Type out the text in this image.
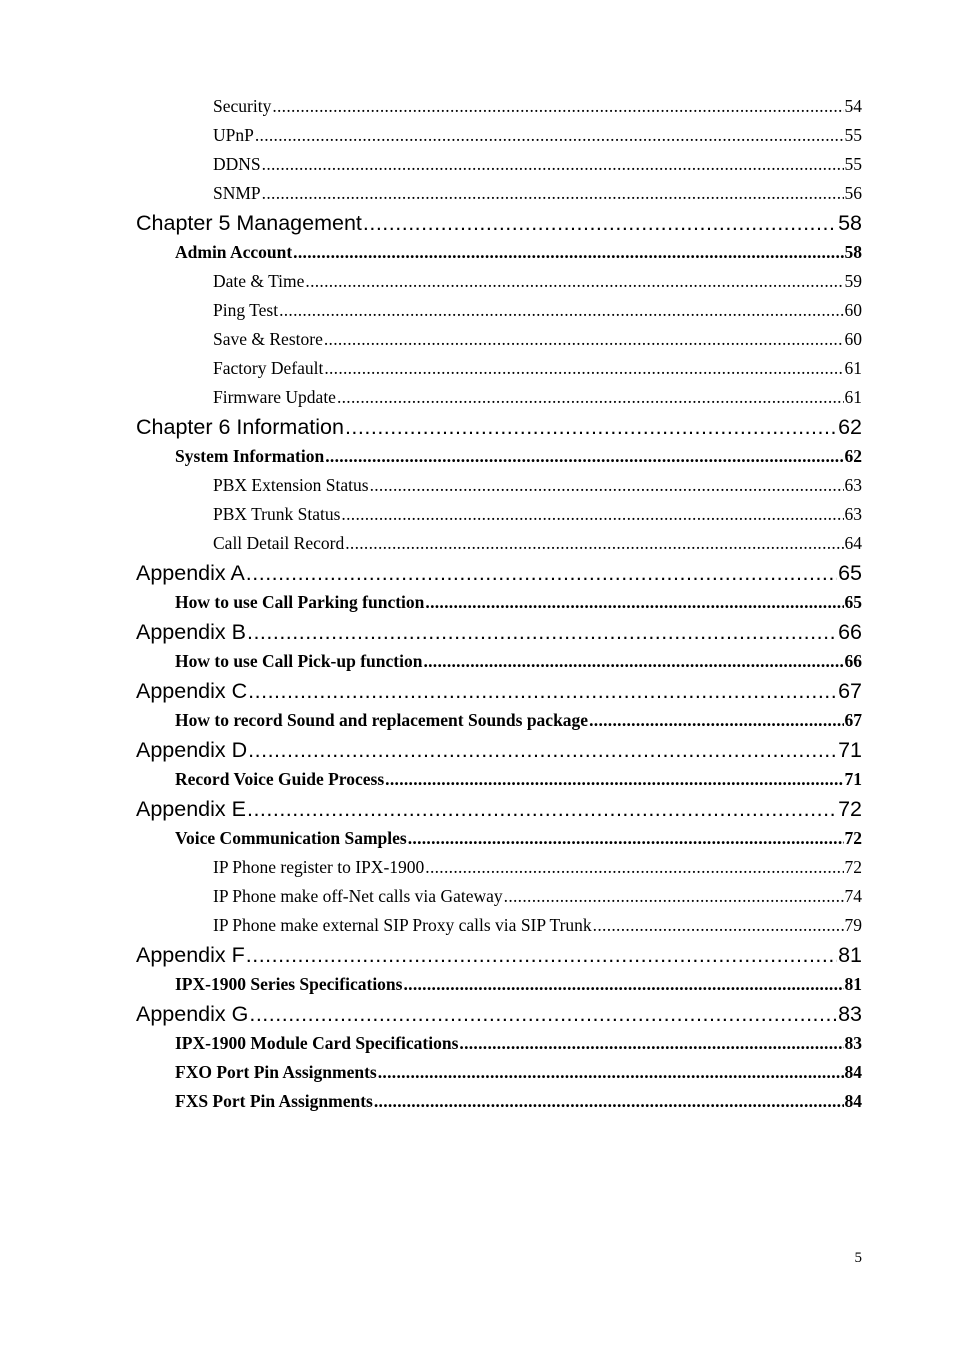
Security .....	54
UPnP .....	55
DDNS .....	55
SNMP .....	56
Chapter 5 Management .....	58
Admin Account .....	58
Date & Time .....	59
Ping Test .....	60
Save & Restore .....	60
Factory Default .....	61
Firmware Update .....	61
Chapter 6 Information .....	62
System Information .....	62
PBX Extension Status .....	63
PBX Trunk Status .....	63
Call Detail Record .....	64
Appendix A .....	65
How to use Call Parking function .....	65
Appendix B .....	66
How to use Call Pick-up function .....	66
Appendix C .....	67
How to record Sound and replacement Sounds package .....	67
Appendix D .....	71
Record Voice Guide Process .....	71
Appendix E .....	72
Voice Communication Samples .....	72
IP Phone register to IPX-1900 .....	72
IP Phone make off-Net calls via Gateway .....	74
IP Phone make external SIP Proxy calls via SIP Trunk .....	79
Appendix F .....	81
IPX-1900 Series Specifications .....	81
Appendix G .....	83
IPX-1900 Module Card Specifications .....	83
FXO Port Pin Assignments .....	84
FXS Port Pin Assignments .....	84
5
